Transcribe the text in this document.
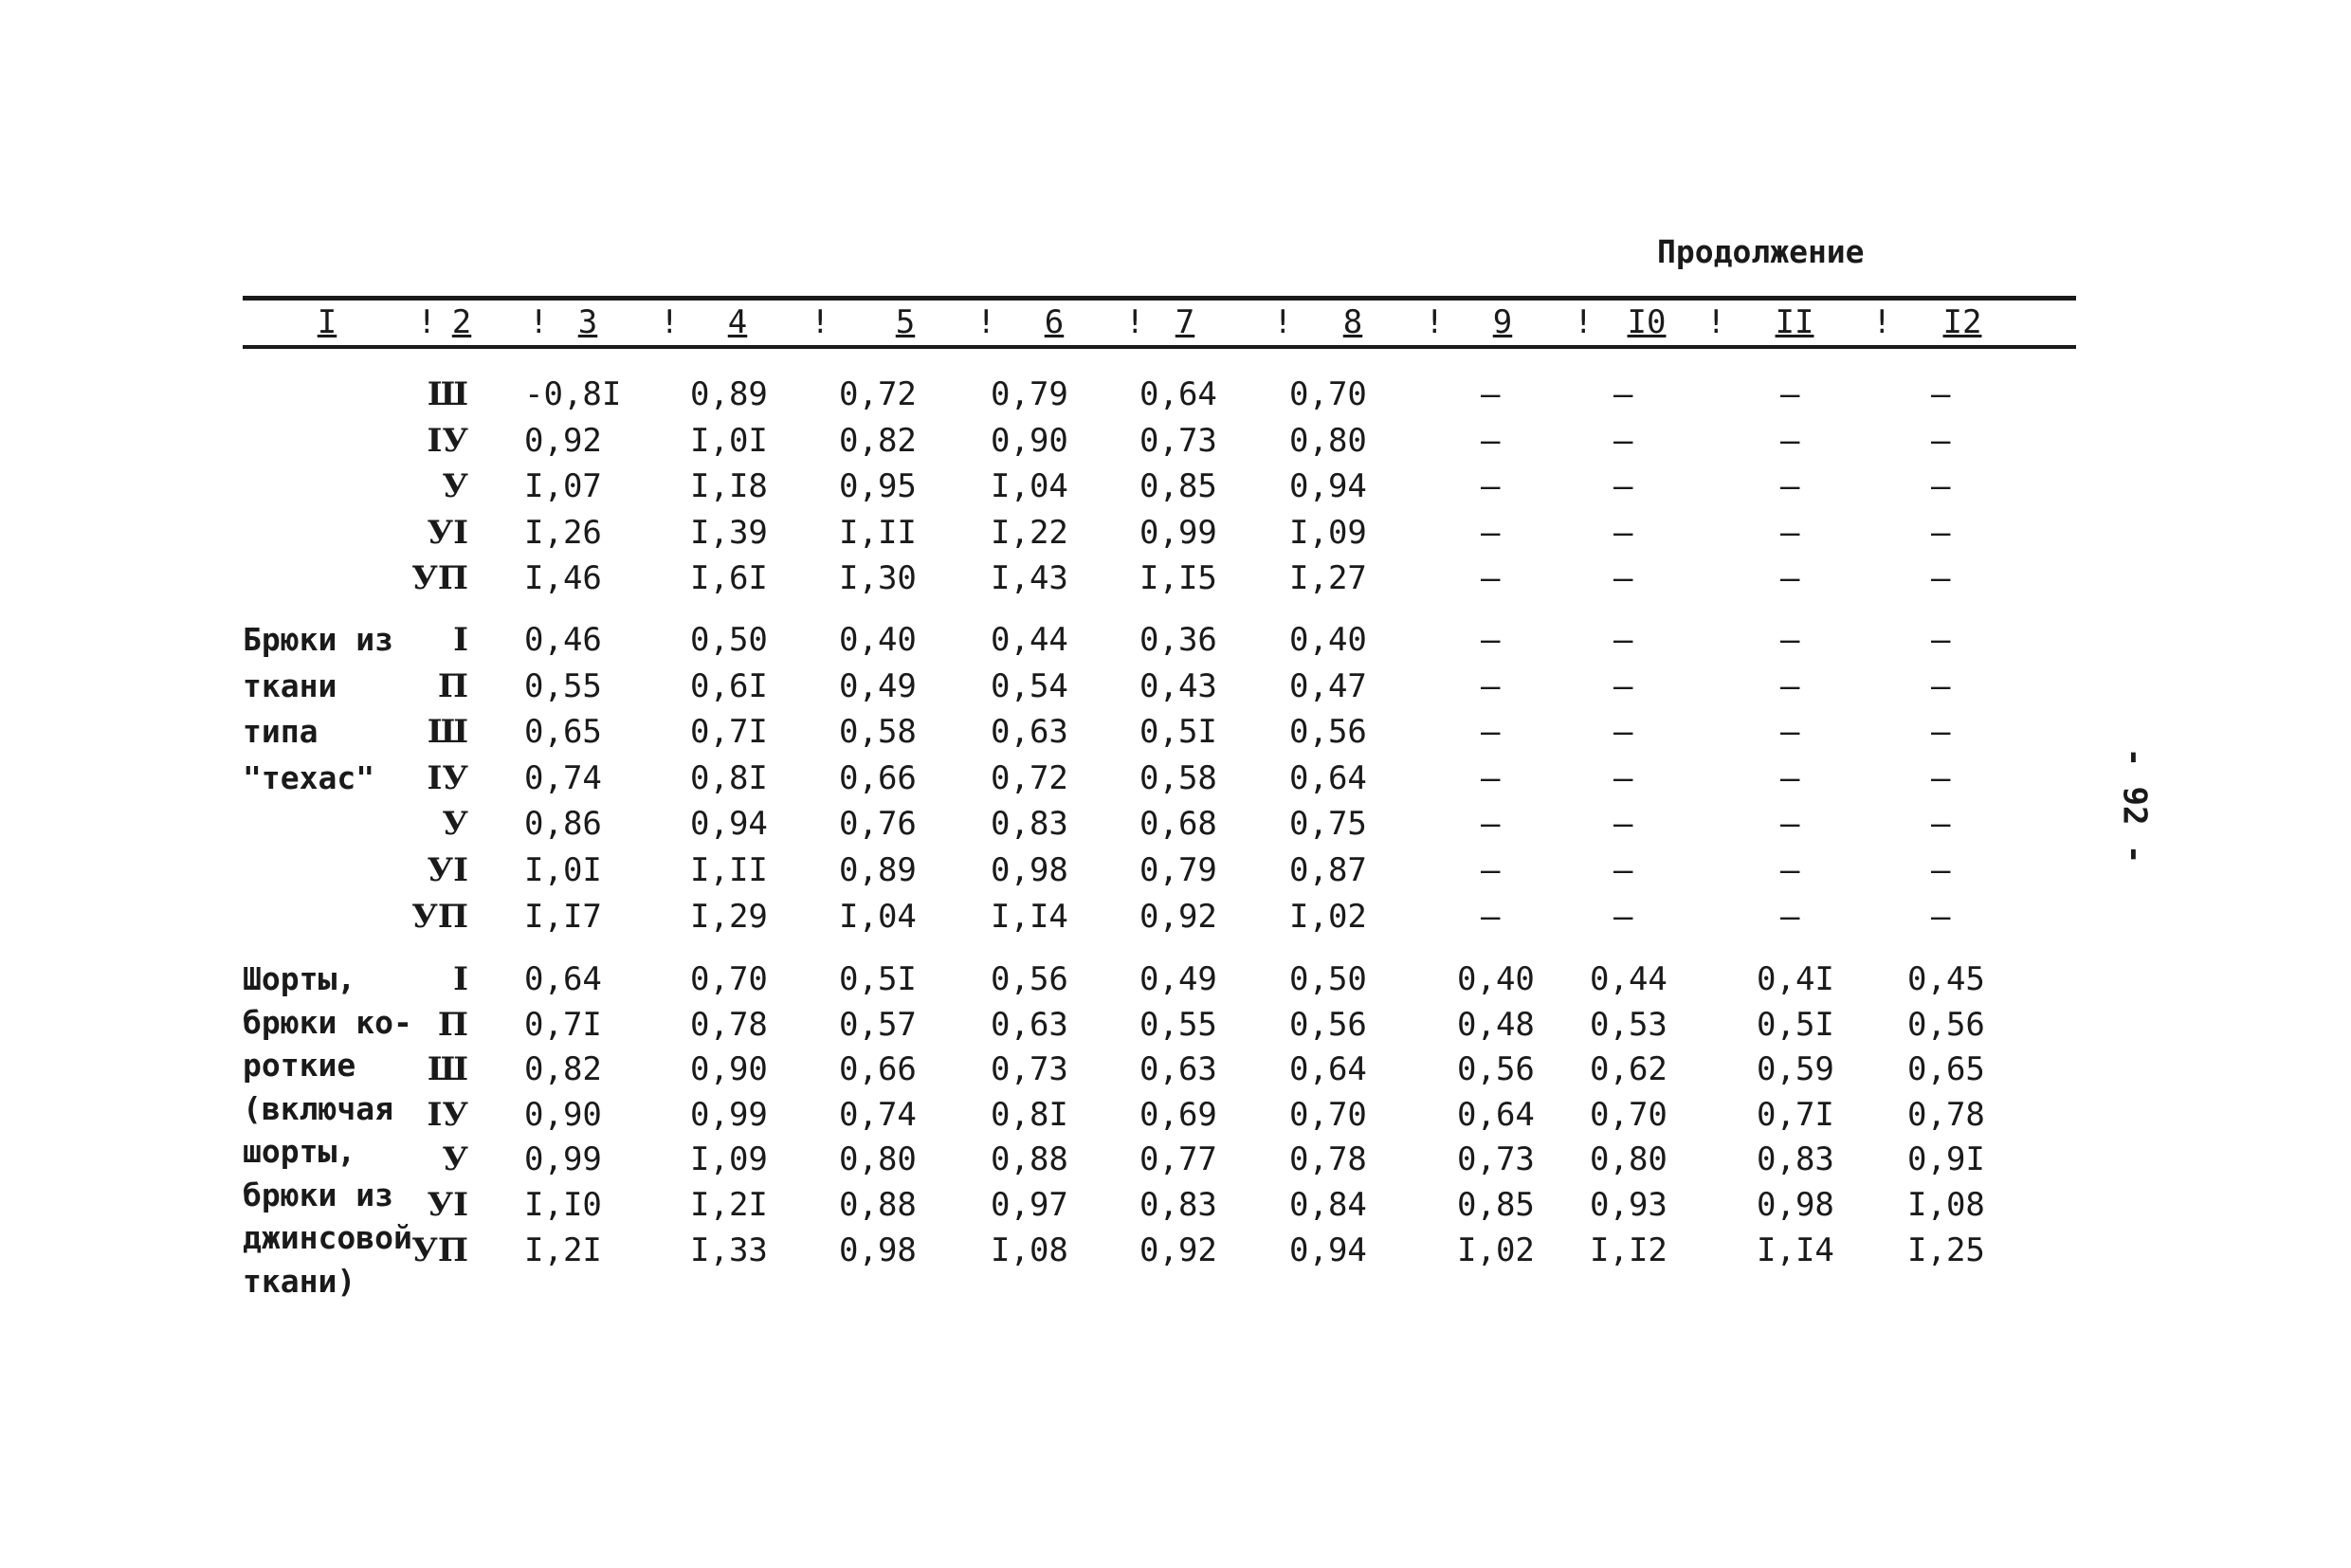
Продолжение
I	2	3	4	5	6	7	8	9	I0	II	I2
!	!	!	!	!	!	!	!	!	!	!
Ш -0,8I 0,89 0,72 0,79 0,64 0,70	–	–	–	–
IУ 0,92	I,0I 0,82 0,90 0,73 0,80	–	–	–	–
У I,07	I,I8 0,95 I,04 0,85 0,94	–	–	–	–
УI I,26	I,39 I,II I,22 0,99 I,09	–	–	–	–
УП I,46	I,6I I,30 I,43 I,I5 I,27	–	–	–	–
Брюки из
ткани
типа
"техас"
I 0,46	0,50 0,40 0,44 0,36 0,40	–	–	–	–
П 0,55	0,6I 0,49 0,54 0,43 0,47	–	–	–	–
Ш 0,65	0,7I 0,58 0,63 0,5I 0,56	–	–	–	–
IУ 0,74	0,8I 0,66 0,72 0,58 0,64	–	–	–	–
У 0,86	0,94 0,76 0,83 0,68 0,75	–	–	–	–
УI I,0I	I,II 0,89 0,98 0,79 0,87	–	–	–	–
УП I,I7	I,29 I,04 I,I4 0,92 I,02	–	–	–	–
Шорты,
брюки ко-
роткие
(включая
шорты,
брюки из
джинсовой
ткани)
I 0,64	0,70 0,5I 0,56 0,49 0,50	0,40 0,44	0,4I 0,45
П 0,7I	0,78 0,57 0,63 0,55 0,56	0,48 0,53	0,5I 0,56
Ш 0,82	0,90 0,66 0,73 0,63 0,64	0,56 0,62	0,59 0,65
IУ 0,90	0,99 0,74 0,8I 0,69 0,70	0,64 0,70	0,7I 0,78
У 0,99	I,09 0,80 0,88 0,77 0,78	0,73 0,80	0,83 0,9I
УI I,I0	I,2I 0,88 0,97 0,83 0,84	0,85 0,93	0,98 I,08
УП I,2I	I,33 0,98 I,08 0,92 0,94	I,02 I,I2	I,I4 I,25
- 92 -
